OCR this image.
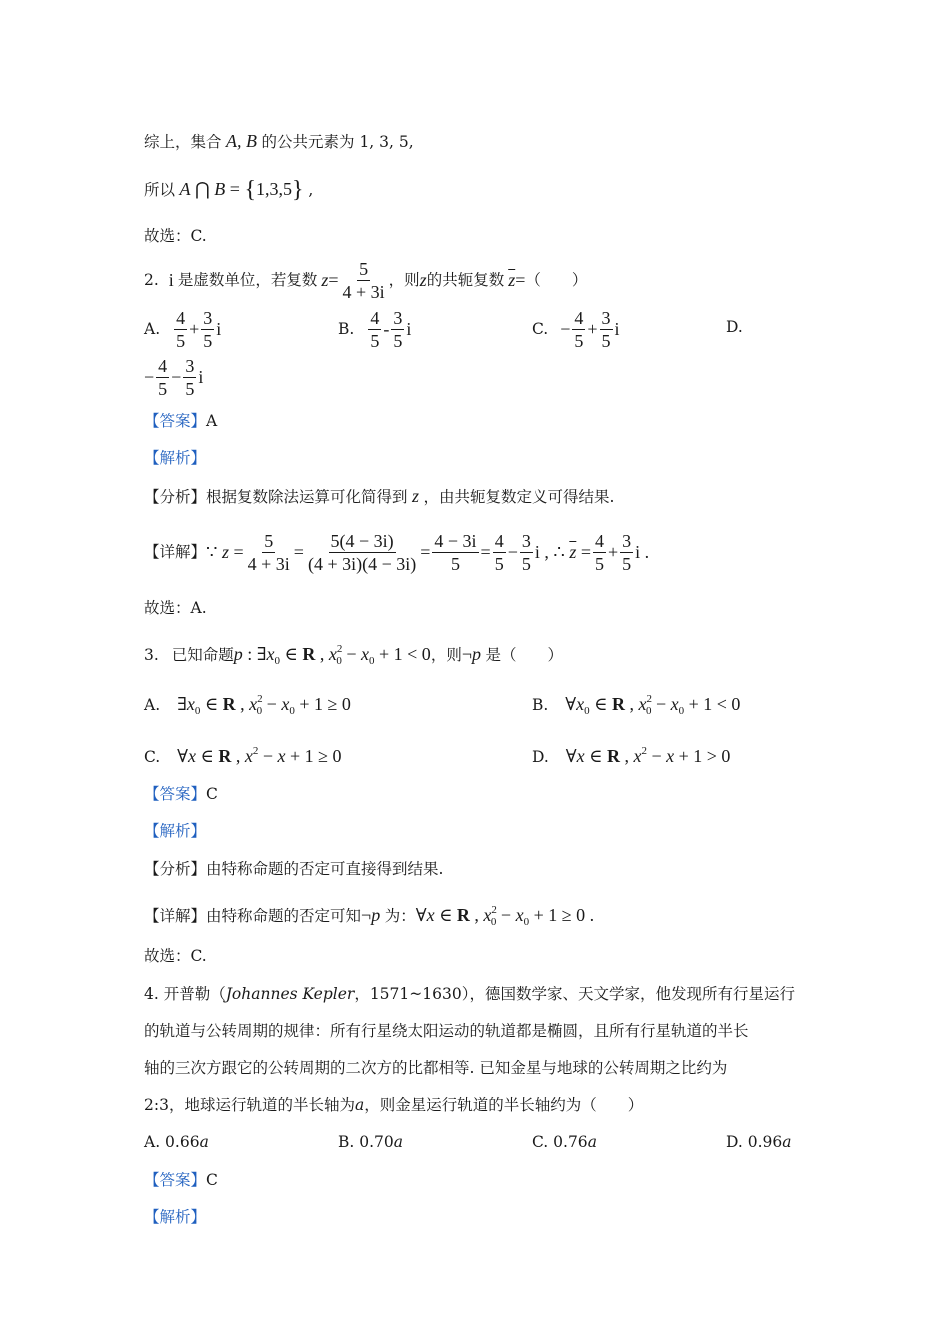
综上，集合 A, B 的公共元素为 1, 3, 5,
所以 A ⋂ B = {1,3,5} ,
故选：C.
2. i 是虚数单位，若复数 $z = \frac{5}{4 + 3i}$ ，则 z 的共轭复数 $\overline{z}$ = （　　）
A. $\frac{4}{5} + \frac{3}{5}$ i	B. $\frac{4}{5} - \frac{3}{5}$ i	C. − $\frac{4}{5} + \frac{3}{5}$ i	D.
− $\frac{4}{5} - \frac{3}{5}$ i
【答案】A
【解析】
【分析】根据复数除法运算可化简得到 z ，由共轭复数定义可得结果.
【详解】 ∵ $z = \frac{5}{4 + 3i} = \frac{5(4 - 3i)}{(4 + 3i)(4 - 3i)} = \frac{4 - 3i}{5} = \frac{4}{5} - \frac{3}{5}$ i , ∴ $\overline{z} = \frac{4}{5} + \frac{3}{5}$ i .
故选：A.
3. 已知命题p : $\exists x_0$ ∈ R , $x^2_0 - x_0 + 1 < 0$，则¬p 是（　　）
A. $\exists x_0$ ∈ R , $x^2_0 - x_0 + 1 \ge 0$	B. $\forall x_0$ ∈ R , $x^2_0 - x_0 + 1 < 0$
C. ∀x ∈ R , $x^2 - x + 1 \ge 0$	D. ∀x ∈ R , $x^2 - x + 1 > 0$
【答案】C
【解析】
【分析】由特称命题的否定可直接得到结果.
【详解】由特称命题的否定可知¬p 为：∀x ∈ R , $x^2_0 - x_0 + 1 \ge 0$ .
故选：C.
4. 开普勒（Johannes Kepler，1571~1630），德国数学家、天文学家，他发现所有行星运行
的轨道与公转周期的规律：所有行星绕太阳运动的轨道都是椭圆，且所有行星轨道的半长
轴的三次方跟它的公转周期的二次方的比都相等. 已知金星与地球的公转周期之比约为
2:3，地球运行轨道的半长轴为a，则金星运行轨道的半长轴约为（　　）
A. 0.66a	B. 0.70a	C. 0.76a	D. 0.96a
【答案】C
【解析】
